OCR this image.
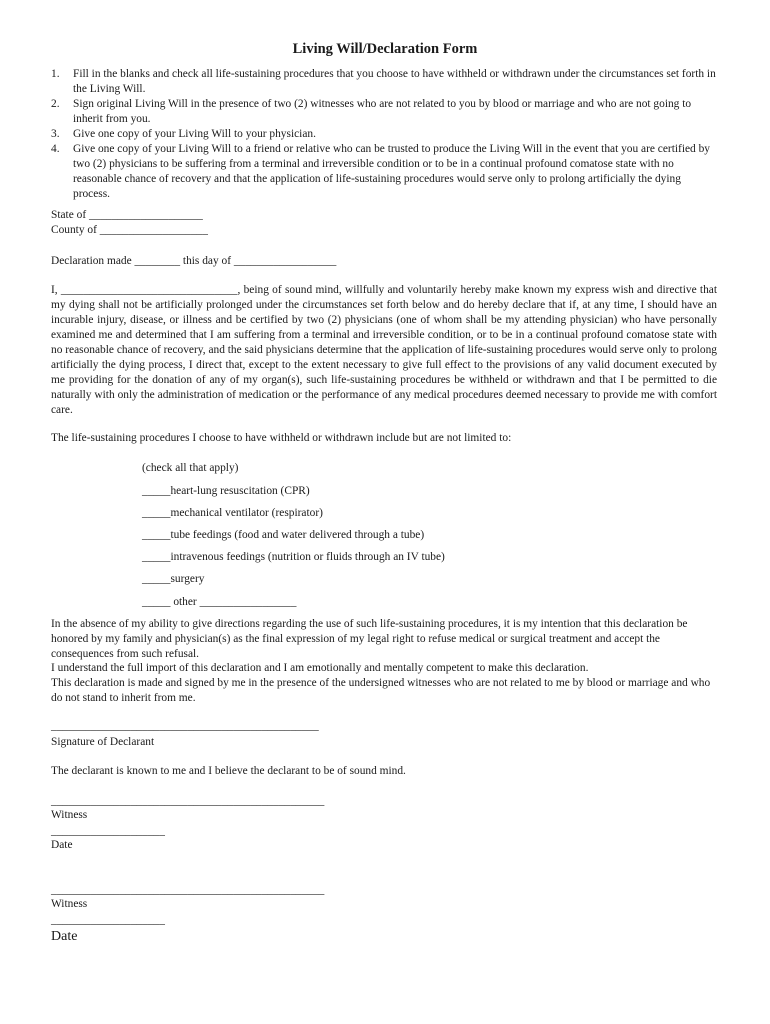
Living Will/Declaration Form
1. Fill in the blanks and check all life-sustaining procedures that you choose to have withheld or withdrawn under the circumstances set forth in the Living Will.
2. Sign original Living Will in the presence of two (2) witnesses who are not related to you by blood or marriage and who are not going to inherit from you.
3. Give one copy of your Living Will to your physician.
4. Give one copy of your Living Will to a friend or relative who can be trusted to produce the Living Will in the event that you are certified by two (2) physicians to be suffering from a terminal and irreversible condition or to be in a continual profound comatose state with no reasonable chance of recovery and that the application of life-sustaining procedures would serve only to prolong artificially the dying process.

State of ____________________

County of ___________________

Declaration made ________ this day of __________________

I, _______________________________, being of sound mind, willfully and voluntarily hereby make known my express wish and directive that my dying shall not be artificially prolonged under the circumstances set forth below and do hereby declare that if, at any time, I should have an incurable injury, disease, or illness and be certified by two (2) physicians (one of whom shall be my attending physician) who have personally examined me and determined that I am suffering from a terminal and irreversible condition, or to be in a continual profound comatose state with no reasonable chance of recovery, and the said physicians determine that the application of life-sustaining procedures would serve only to prolong artificially the dying process, I direct that, except to the extent necessary to give full effect to the provisions of any valid document executed by me providing for the donation of any of my organ(s), such life-sustaining procedures be withheld or withdrawn and that I be permitted to die naturally with only the administration of medication or the performance of any medical procedures deemed necessary to provide me with comfort care.

The life-sustaining procedures I choose to have withheld or withdrawn include but are not limited to:

(check all that apply)

_____heart-lung resuscitation (CPR)

_____mechanical ventilator (respirator)

_____tube feedings (food and water delivered through a tube)

_____intravenous feedings (nutrition or fluids through an IV tube)

_____surgery

_____ other _________________

In the absence of my ability to give directions regarding the use of such life-sustaining procedures, it is my intention that this declaration be honored by my family and physician(s) as the final expression of my legal right to refuse medical or surgical treatment and accept the consequences from such refusal.

I understand the full import of this declaration and I am emotionally and mentally competent to make this declaration.

This declaration is made and signed by me in the presence of the undersigned witnesses who are not related to me by blood or marriage and who do not stand to inherit from me.

_______________________________________________

Signature of Declarant

The declarant is known to me and I believe the declarant to be of sound mind.

________________________________________________

Witness

____________________

Date

________________________________________________

Witness

____________________

Date
